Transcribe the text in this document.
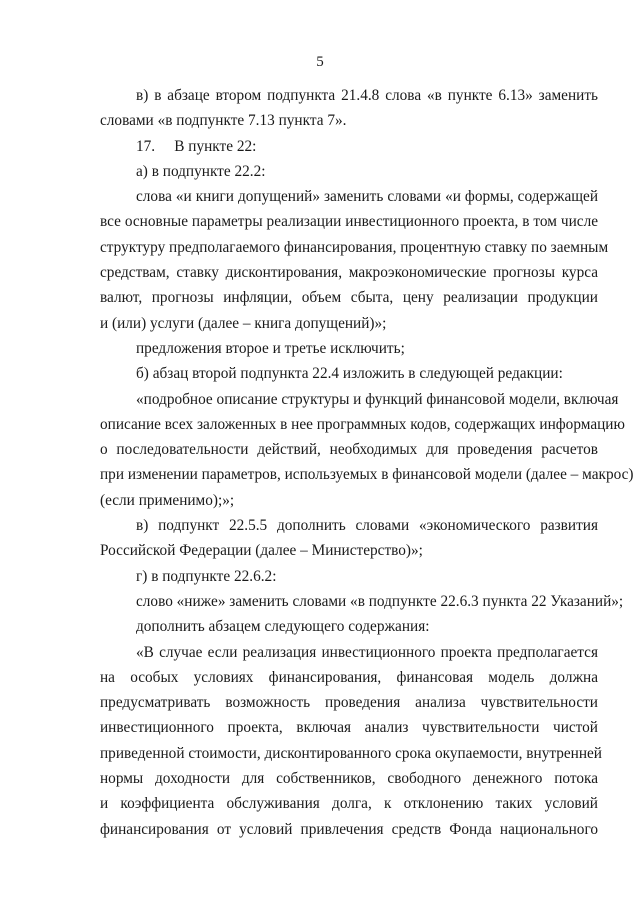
5
в) в абзаце втором подпункта 21.4.8 слова «в пункте 6.13» заменить
словами «в подпункте 7.13 пункта 7».
17.  В пункте 22:
а) в подпункте 22.2:
слова «и книги допущений» заменить словами «и формы, содержащей
все основные параметры реализации инвестиционного проекта, в том числе
структуру предполагаемого финансирования, процентную ставку по заемным
средствам, ставку дисконтирования, макроэкономические прогнозы курса
валют, прогнозы инфляции, объем сбыта, цену реализации продукции
и (или) услуги (далее – книга допущений)»;
предложения второе и третье исключить;
б) абзац второй подпункта 22.4 изложить в следующей редакции:
«подробное описание структуры и функций финансовой модели, включая
описание всех заложенных в нее программных кодов, содержащих информацию
о последовательности действий, необходимых для проведения расчетов
при изменении параметров, используемых в финансовой модели (далее – макрос)
(если применимо);»;
в) подпункт 22.5.5 дополнить словами «экономического развития
Российской Федерации (далее – Министерство)»;
г) в подпункте 22.6.2:
слово «ниже» заменить словами «в подпункте 22.6.3 пункта 22 Указаний»;
дополнить абзацем следующего содержания:
«В случае если реализация инвестиционного проекта предполагается
на особых условиях финансирования, финансовая модель должна
предусматривать возможность проведения анализа чувствительности
инвестиционного проекта, включая анализ чувствительности чистой
приведенной стоимости, дисконтированного срока окупаемости, внутренней
нормы доходности для собственников, свободного денежного потока
и коэффициента обслуживания долга, к отклонению таких условий
финансирования от условий привлечения средств Фонда национального
